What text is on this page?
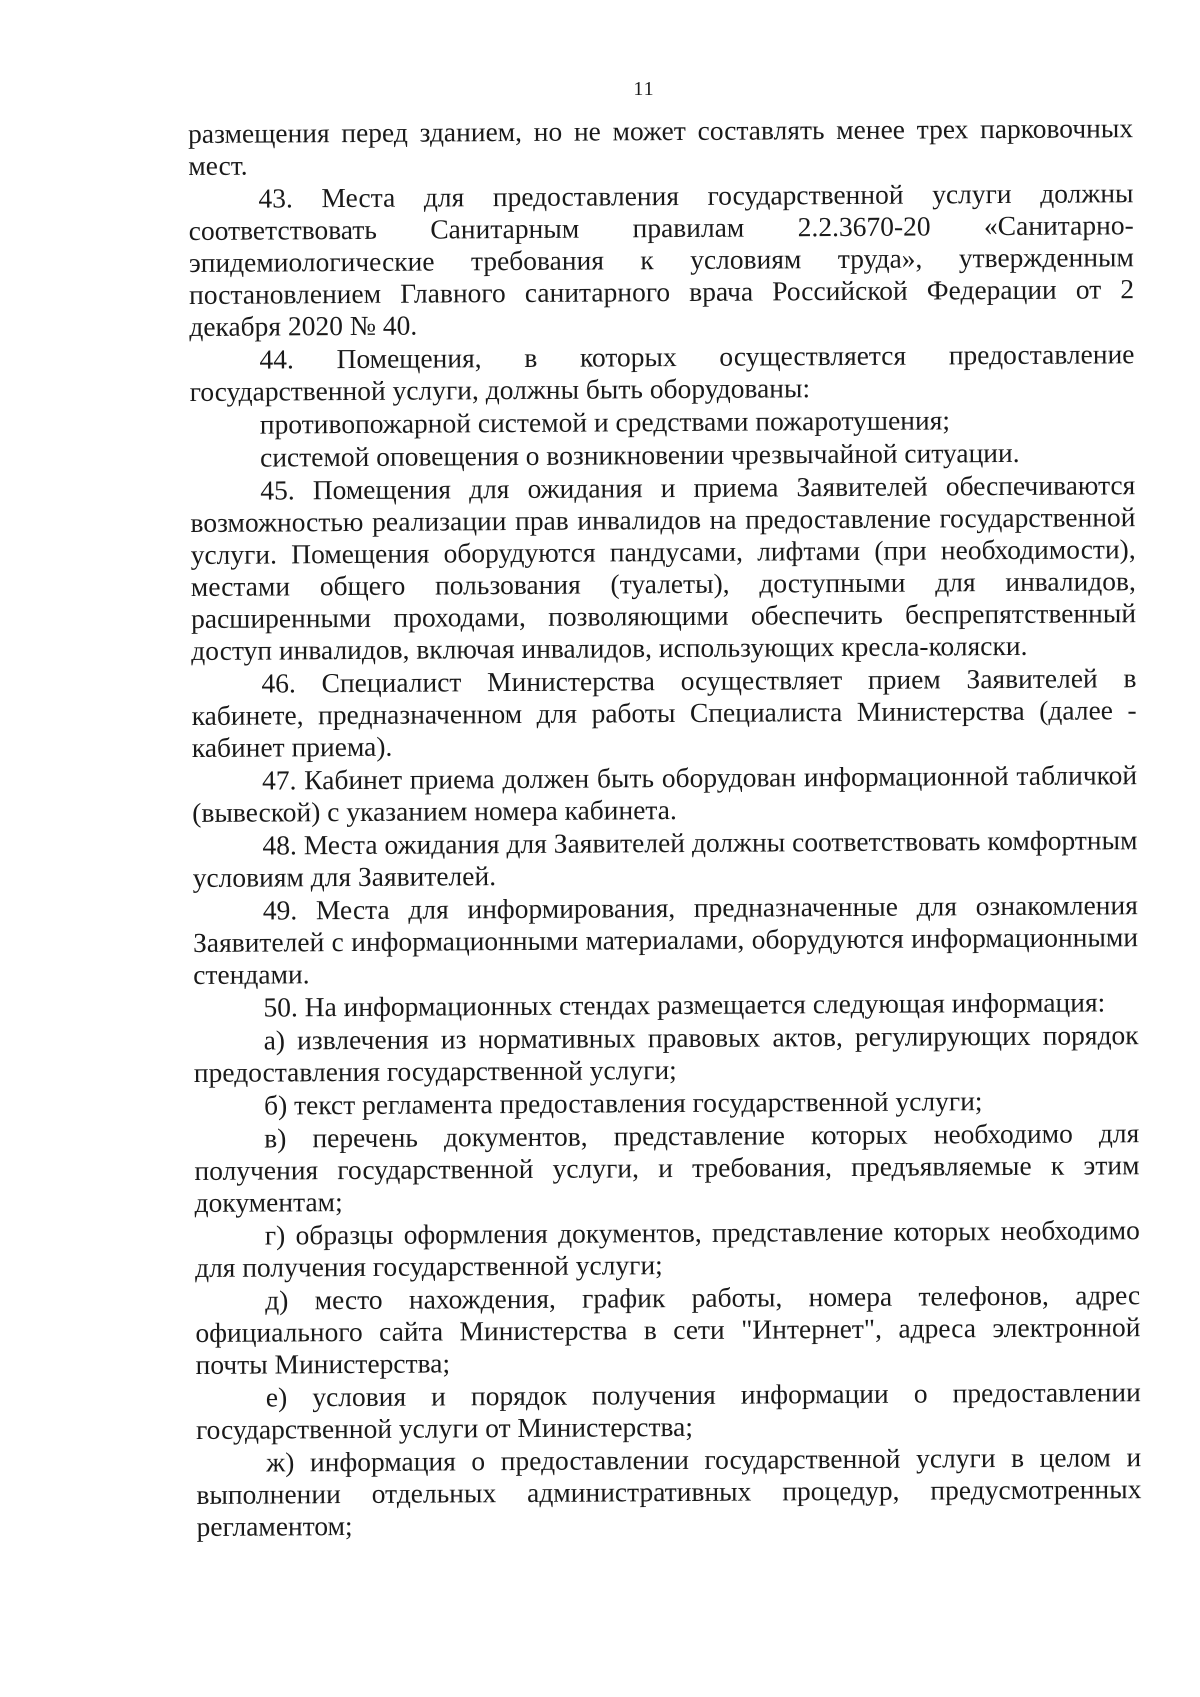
11

размещения перед зданием, но не может составлять менее трех парковочных мест.

43. Места для предоставления государственной услуги должны соответствовать Санитарным правилам 2.2.3670-20 «Санитарно-эпидемиологические требования к условиям труда», утвержденным постановлением Главного санитарного врача Российской Федерации от 2 декабря 2020 № 40.

44. Помещения, в которых осуществляется предоставление государственной услуги, должны быть оборудованы:

противопожарной системой и средствами пожаротушения;

системой оповещения о возникновении чрезвычайной ситуации.

45. Помещения для ожидания и приема Заявителей обеспечиваются возможностью реализации прав инвалидов на предоставление государственной услуги. Помещения оборудуются пандусами, лифтами (при необходимости), местами общего пользования (туалеты), доступными для инвалидов, расширенными проходами, позволяющими обеспечить беспрепятственный доступ инвалидов, включая инвалидов, использующих кресла-коляски.

46. Специалист Министерства осуществляет прием Заявителей в кабинете, предназначенном для работы Специалиста Министерства (далее - кабинет приема).

47. Кабинет приема должен быть оборудован информационной табличкой (вывеской) с указанием номера кабинета.

48. Места ожидания для Заявителей должны соответствовать комфортным условиям для Заявителей.

49. Места для информирования, предназначенные для ознакомления Заявителей с информационными материалами, оборудуются информационными стендами.

50. На информационных стендах размещается следующая информация:

а) извлечения из нормативных правовых актов, регулирующих порядок предоставления государственной услуги;

б) текст регламента предоставления государственной услуги;

в) перечень документов, представление которых необходимо для получения государственной услуги, и требования, предъявляемые к этим документам;

г) образцы оформления документов, представление которых необходимо для получения государственной услуги;

д) место нахождения, график работы, номера телефонов, адрес официального сайта Министерства в сети "Интернет", адреса электронной почты Министерства;

е) условия и порядок получения информации о предоставлении государственной услуги от Министерства;

ж) информация о предоставлении государственной услуги в целом и выполнении отдельных административных процедур, предусмотренных регламентом;
